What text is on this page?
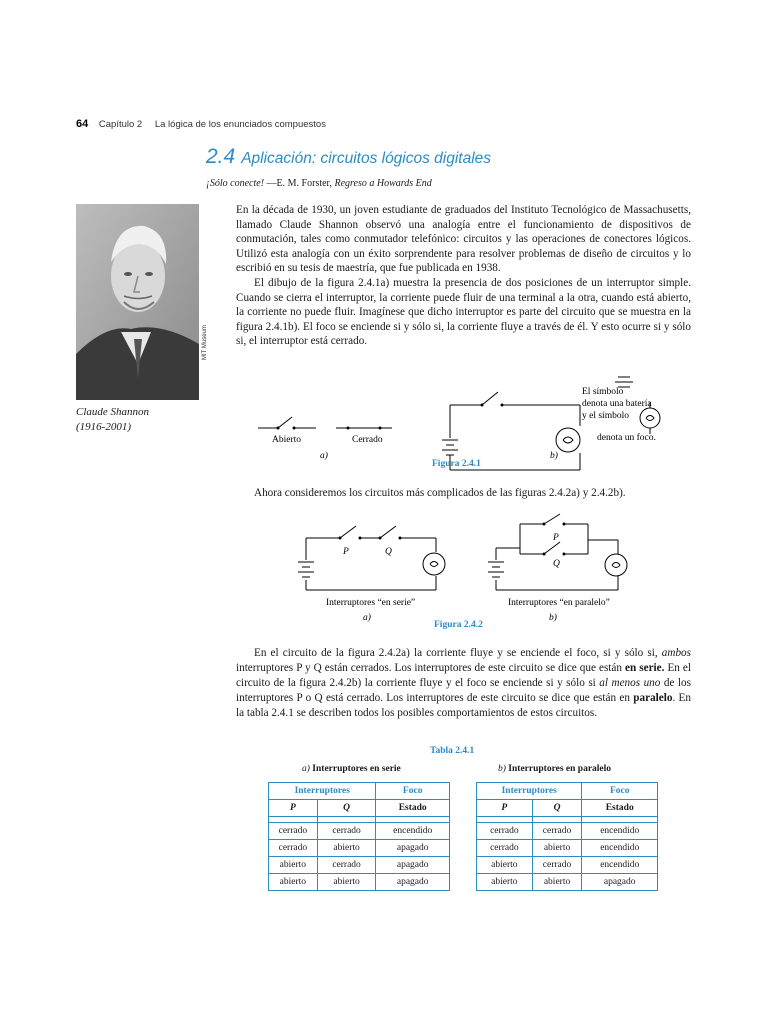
64 Capítulo 2 La lógica de los enunciados compuestos
2.4 Aplicación: circuitos lógicos digitales
¡Sólo conecte! —E. M. Forster, Regreso a Howards End
MIT Museum
Claude Shannon
(1916-2001)

En la década de 1930, un joven estudiante de graduados del Instituto Tecnológico de Massachusetts, llamado Claude Shannon observó una analogía entre el funcionamiento de dispositivos de conmutación, tales como conmutador telefónico: circuitos y las operaciones de conectores lógicos. Utilizó esta analogía con un éxito sorprendente para resolver problemas de diseño de circuitos y lo escribió en su tesis de maestría, que fue publicada en 1938.

El dibujo de la figura 2.4.1a) muestra la presencia de dos posiciones de un interruptor simple. Cuando se cierra el interruptor, la corriente puede fluir de una terminal a la otra, cuando está abierto, la corriente no puede fluir. Imagínese que dicho interruptor es parte del circuito que se muestra en la figura 2.4.1b). El foco se enciende si y sólo si, la corriente fluye a través de él. Y esto ocurre si y sólo si, el interruptor está cerrado.

Abierto	Cerrado
a)	b)
El símbolo
denota una batería
y el símbolo
denota un foco.
Figura 2.4.1
Ahora consideremos los circuitos más complicados de las figuras 2.4.2a) y 2.4.2b).
P	Q
P
Q
Interruptores “en serie”	Interruptores “en paralelo”
a)	b)
Figura 2.4.2

En el circuito de la figura 2.4.2a) la corriente fluye y se enciende el foco, si y sólo si, ambos interruptores P y Q están cerrados. Los interruptores de este circuito se dice que están en serie. En el circuito de la figura 2.4.2b) la corriente fluye y el foco se enciende si y sólo si al menos uno de los interruptores P o Q está cerrado. Los interruptores de este circuito se dice que están en paralelo. En la tabla 2.4.1 se describen todos los posibles comportamientos de estos circuitos.

Tabla 2.4.1
a) Interruptores en serie	b) Interruptores en paralelo
Interruptores		Foco
P	Q	Estado

cerrado	cerrado	encendido
cerrado	abierto	apagado
abierto	cerrado	apagado
abierto	abierto	apagado
Interruptores		Foco
P	Q	Estado

cerrado	cerrado	encendido
cerrado	abierto	encendido
abierto	cerrado	encendido
abierto	abierto	apagado
